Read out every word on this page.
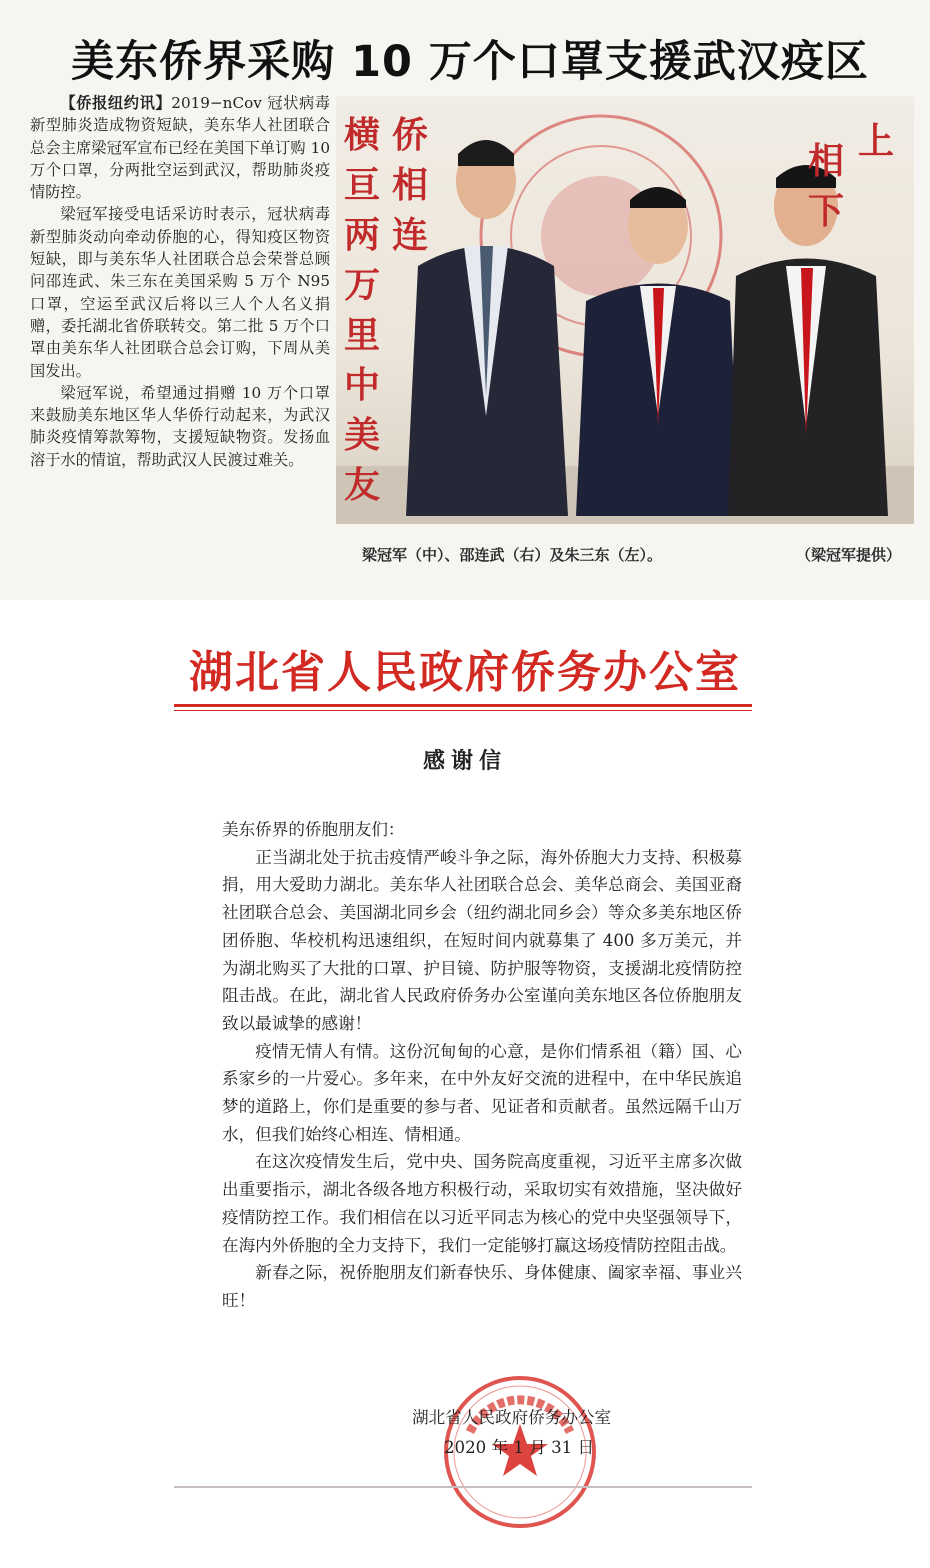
美东侨界采购 10 万个口罩支援武汉疫区

【侨报纽约讯】2019−nCov 冠状病毒新型肺炎造成物资短缺，美东华人社团联合总会主席梁冠军宣布已经在美国下单订购 10 万个口罩，分两批空运到武汉，帮助肺炎疫情防控。

梁冠军接受电话采访时表示，冠状病毒新型肺炎动向牵动侨胞的心，得知疫区物资短缺，即与美东华人社团联合总会荣誉总顾问邵连武、朱三东在美国采购 5 万个 N95 口罩，空运至武汉后将以三人个人名义捐赠，委托湖北省侨联转交。第二批 5 万个口罩由美东华人社团联合总会订购，下周从美国发出。

梁冠军说，希望通过捐赠 10 万个口罩来鼓励美东地区华人华侨行动起来，为武汉肺炎疫情筹款筹物，支援短缺物资。发扬血溶于水的情谊，帮助武汉人民渡过难关。

横
亘
两
万
里
中
美
友
侨
相
连
相
下
上
梁冠军（中）、邵连武（右）及朱三东（左）。	（梁冠军提供）
湖北省人民政府侨务办公室
感谢信

美东侨界的侨胞朋友们：

正当湖北处于抗击疫情严峻斗争之际，海外侨胞大力支持、积极募捐，用大爱助力湖北。美东华人社团联合总会、美华总商会、美国亚裔社团联合总会、美国湖北同乡会（纽约湖北同乡会）等众多美东地区侨团侨胞、华校机构迅速组织，在短时间内就募集了 400 多万美元，并为湖北购买了大批的口罩、护目镜、防护服等物资，支援湖北疫情防控阻击战。在此，湖北省人民政府侨务办公室谨向美东地区各位侨胞朋友致以最诚挚的感谢！

疫情无情人有情。这份沉甸甸的心意，是你们情系祖（籍）国、心系家乡的一片爱心。多年来，在中外友好交流的进程中，在中华民族追梦的道路上，你们是重要的参与者、见证者和贡献者。虽然远隔千山万水，但我们始终心相连、情相通。

在这次疫情发生后，党中央、国务院高度重视，习近平主席多次做出重要指示，湖北各级各地方积极行动，采取切实有效措施，坚决做好疫情防控工作。我们相信在以习近平同志为核心的党中央坚强领导下，在海内外侨胞的全力支持下，我们一定能够打赢这场疫情防控阻击战。

新春之际，祝侨胞朋友们新春快乐、身体健康、阖家幸福、事业兴旺！

湖北省人民政府侨务办公室
2020 年 1 月 31 日
